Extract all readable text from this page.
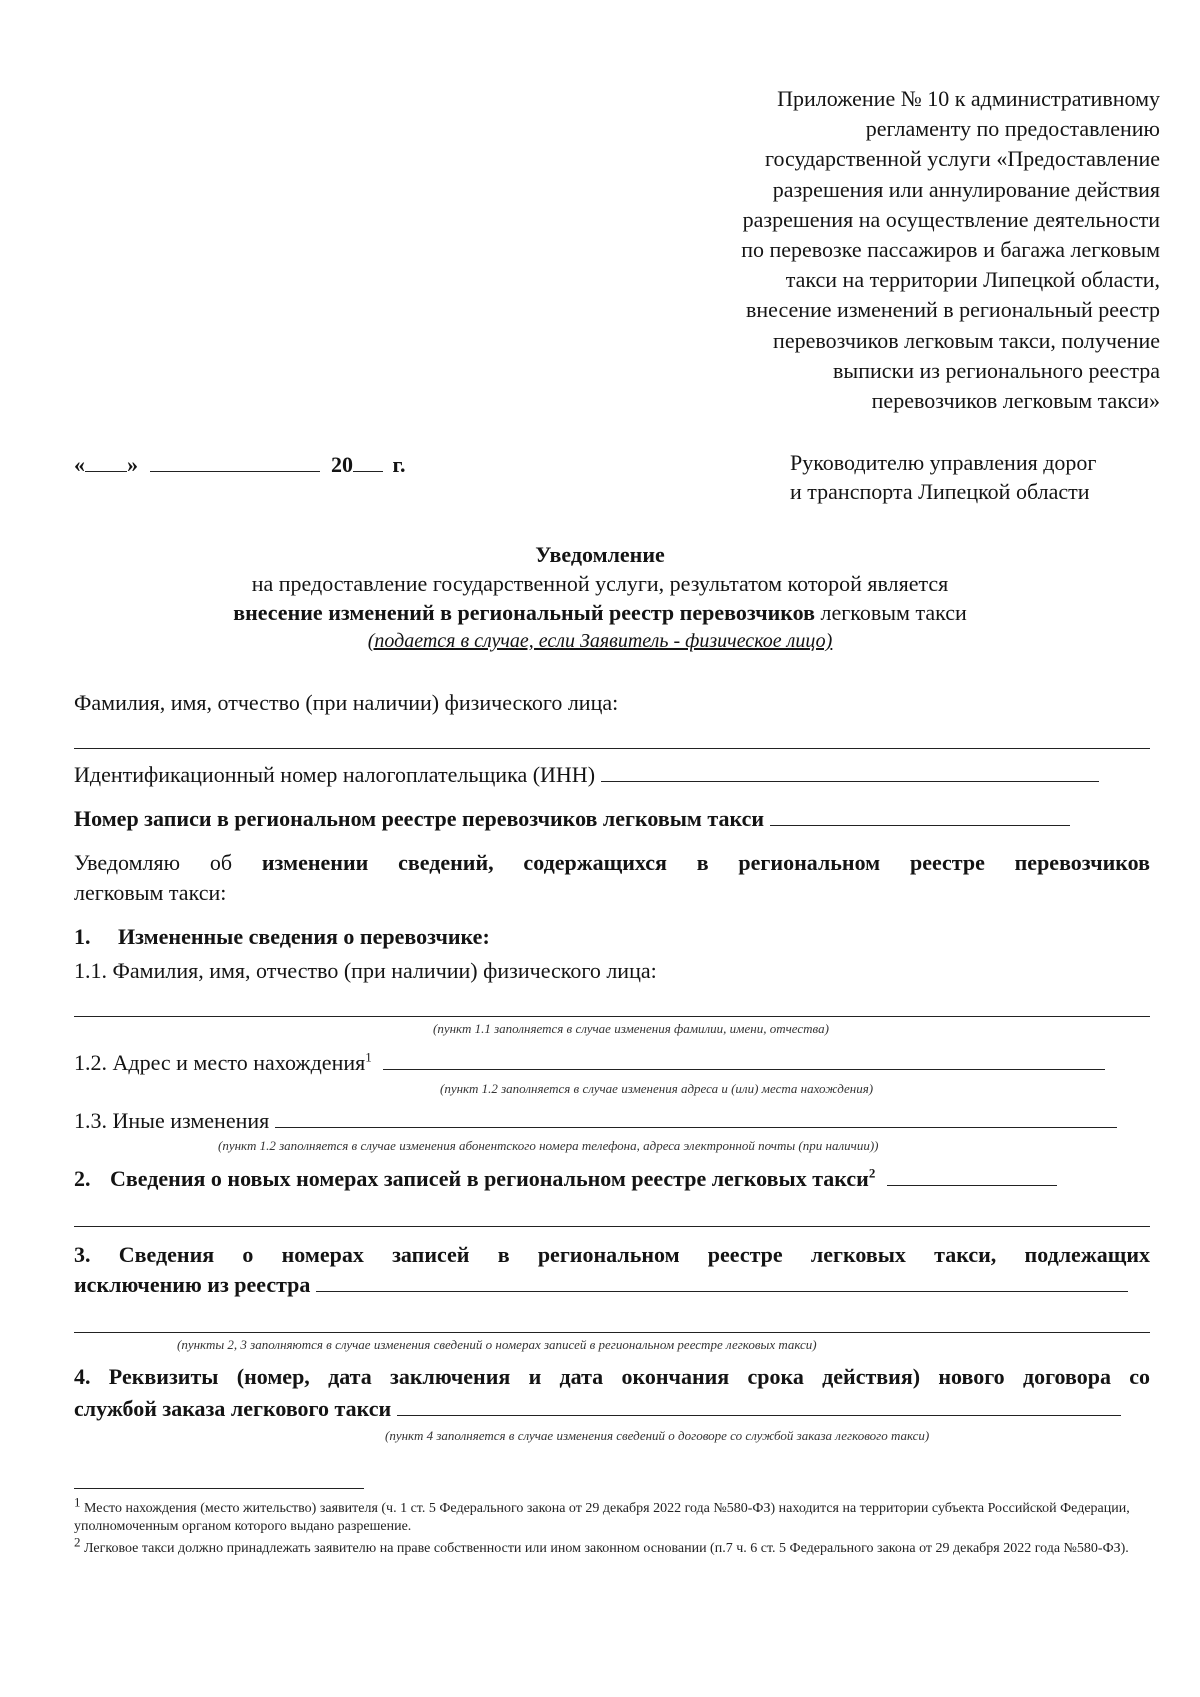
Приложение № 10 к административному
регламенту по предоставлению
государственной услуги «Предоставление
разрешения или аннулирование действия
разрешения на осуществление деятельности
по перевозке пассажиров и багажа легковым
такси на территории Липецкой области,
внесение изменений в региональный реестр
перевозчиков легковым такси, получение
выписки из регионального реестра
перевозчиков легковым такси»
« »	20 г.	Руководителю управления дорог
и транспорта Липецкой области
Уведомление
на предоставление государственной услуги, результатом которой является
внесение изменений в региональный реестр перевозчиков легковым такси
(подается в случае, если Заявитель - физическое лицо)
Фамилия, имя, отчество (при наличии) физического лица:
Идентификационный номер налогоплательщика (ИНН)
Номер записи в региональном реестре перевозчиков легковым такси
Уведомляю об изменении сведений, содержащихся в региональном реестре перевозчиков
легковым такси:
1. Измененные сведения о перевозчике:
1.1. Фамилия, имя, отчество (при наличии) физического лица:
(пункт 1.1 заполняется в случае изменения фамилии, имени, отчества)
1.2. Адрес и место нахождения$^1$
(пункт 1.2 заполняется в случае изменения адреса и (или) места нахождения)
1.3. Иные изменения
(пункт 1.2 заполняется в случае изменения абонентского номера телефона, адреса электронной почты (при наличии))
2. Сведения о новых номерах записей в региональном реестре легковых такси$^2$
3. Сведения о номерах записей в региональном реестре легковых такси, подлежащих
исключению из реестра
(пункты 2, 3 заполняются в случае изменения сведений о номерах записей в региональном реестре легковых такси)
4. Реквизиты (номер, дата заключения и дата окончания срока действия) нового договора со
службой заказа легкового такси
(пункт 4 заполняется в случае изменения сведений о договоре со службой заказа легкового такси)
$^1$ Место нахождения (место жительство) заявителя (ч. 1 ст. 5 Федерального закона от 29 декабря 2022 года №580-ФЗ) находится на территории субъекта Российской Федерации, уполномоченным органом которого выдано разрешение.
$^2$ Легковое такси должно принадлежать заявителю на праве собственности или ином законном основании (п.7 ч. 6 ст. 5 Федерального закона от 29 декабря 2022 года №580-ФЗ).
